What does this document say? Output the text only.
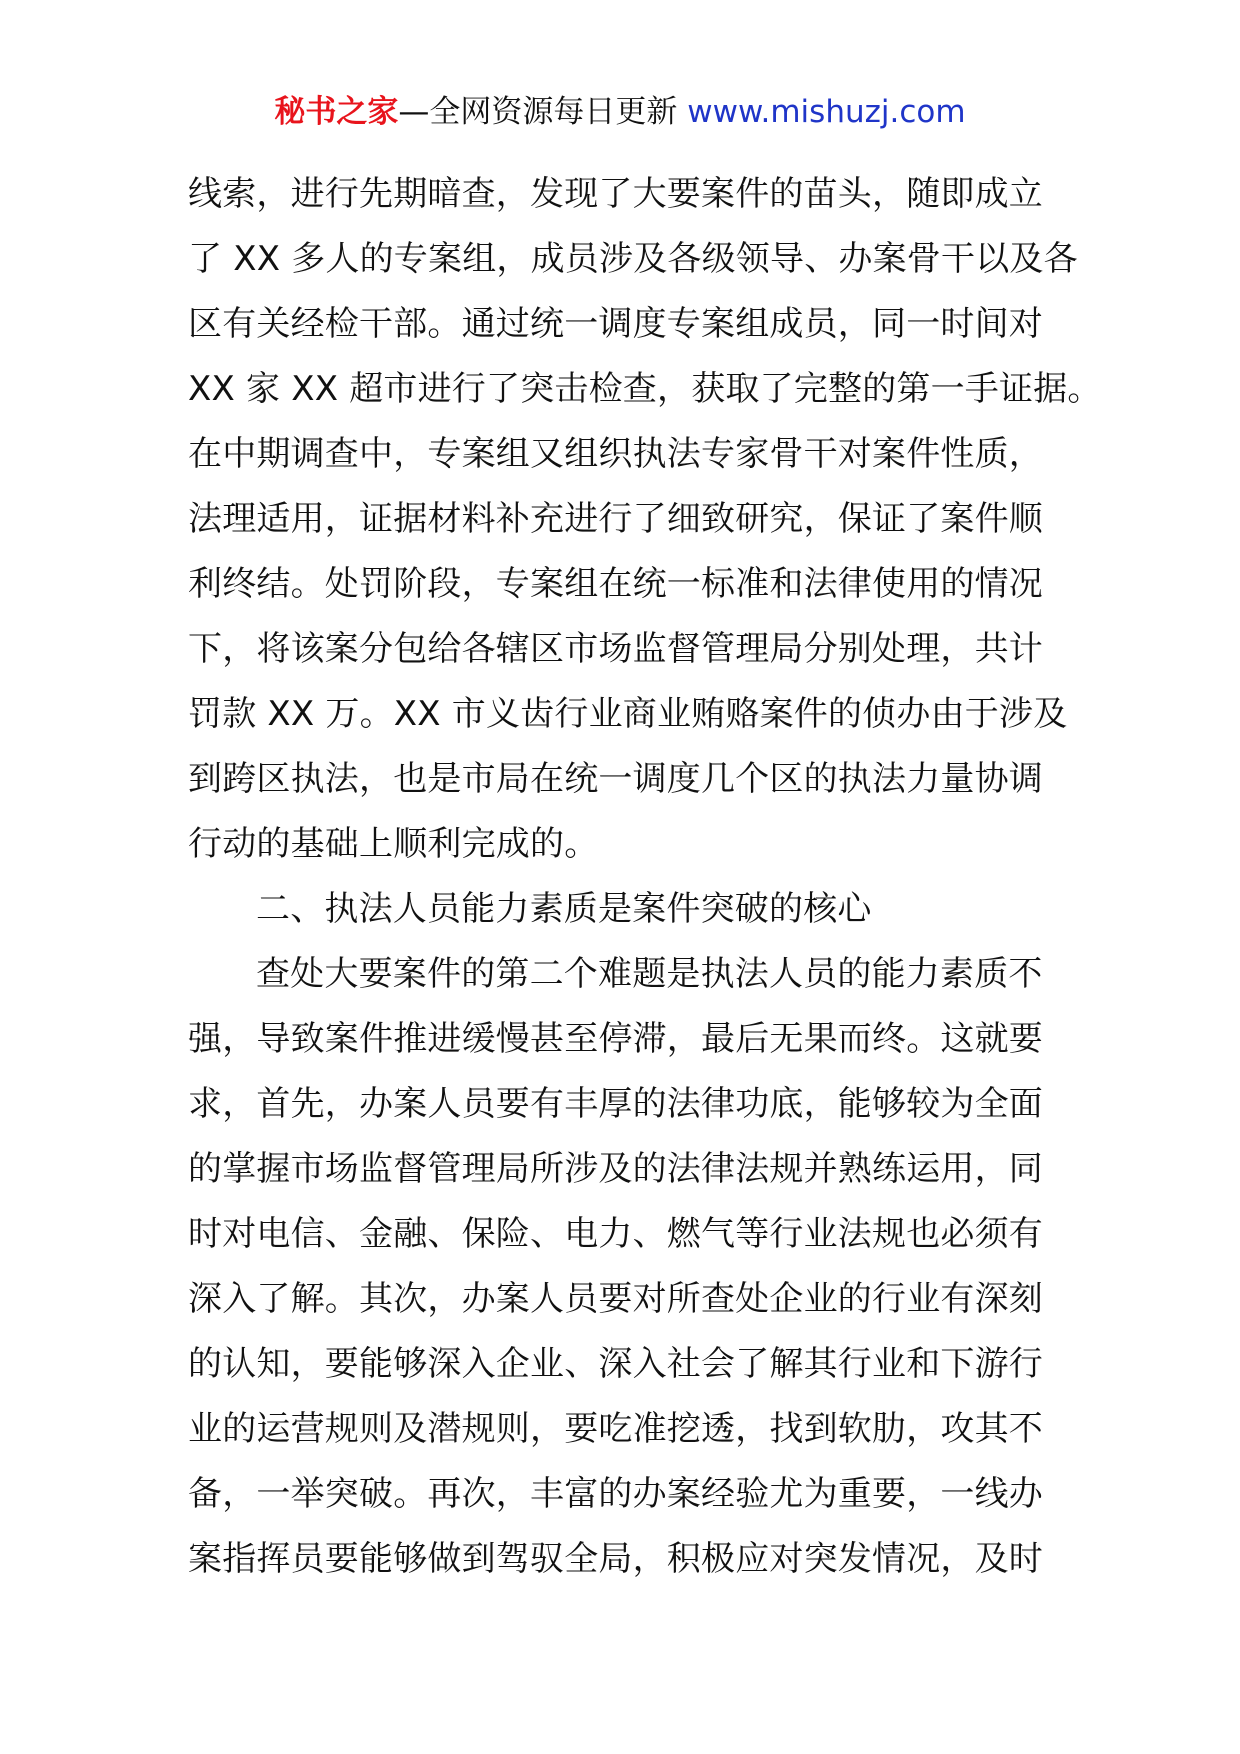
秘书之家—全网资源每日更新 www.mishuzj.com
线索，进行先期暗查，发现了大要案件的苗头，随即成立
了 XX 多人的专案组，成员涉及各级领导、办案骨干以及各
区有关经检干部。通过统一调度专案组成员，同一时间对
XX 家 XX 超市进行了突击检查，获取了完整的第一手证据。
在中期调查中，专案组又组织执法专家骨干对案件性质，
法理适用，证据材料补充进行了细致研究，保证了案件顺
利终结。处罚阶段，专案组在统一标准和法律使用的情况
下，将该案分包给各辖区市场监督管理局分别处理，共计
罚款 XX 万。XX 市义齿行业商业贿赂案件的侦办由于涉及
到跨区执法，也是市局在统一调度几个区的执法力量协调
行动的基础上顺利完成的。
二、执法人员能力素质是案件突破的核心
查处大要案件的第二个难题是执法人员的能力素质不
强，导致案件推进缓慢甚至停滞，最后无果而终。这就要
求，首先，办案人员要有丰厚的法律功底，能够较为全面
的掌握市场监督管理局所涉及的法律法规并熟练运用，同
时对电信、金融、保险、电力、燃气等行业法规也必须有
深入了解。其次，办案人员要对所查处企业的行业有深刻
的认知，要能够深入企业、深入社会了解其行业和下游行
业的运营规则及潜规则，要吃准挖透，找到软肋，攻其不
备，一举突破。再次，丰富的办案经验尤为重要，一线办
案指挥员要能够做到驾驭全局，积极应对突发情况，及时
